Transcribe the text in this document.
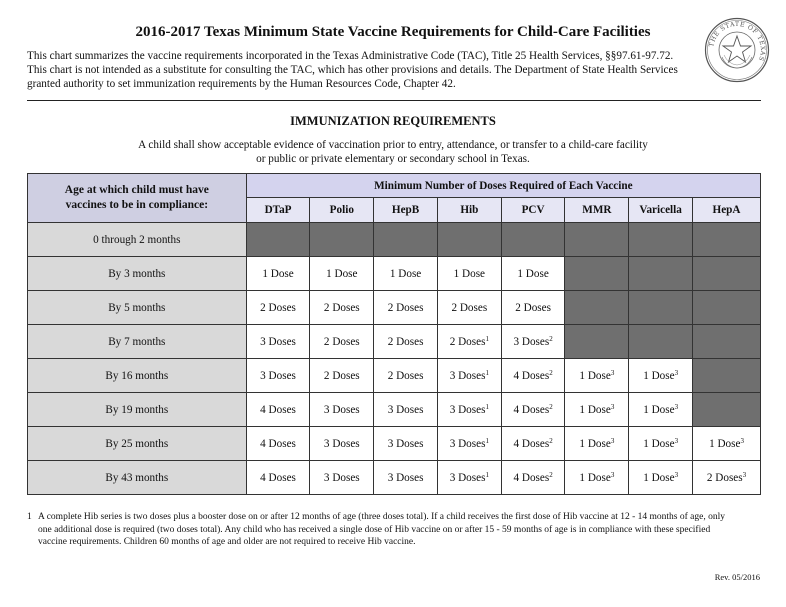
2016-2017 Texas Minimum State Vaccine Requirements for Child-Care Facilities
This chart summarizes the vaccine requirements incorporated in the Texas Administrative Code (TAC), Title 25 Health Services, §§97.61-97.72.
This chart is not intended as a substitute for consulting the TAC, which has other provisions and details. The Department of State Health Services
granted authority to set immunization requirements by the Human Resources Code, Chapter 42.
THE STATE OF TEXAS
IMMUNIZATION REQUIREMENTS
A child shall show acceptable evidence of vaccination prior to entry, attendance, or transfer to a child-care facility
or public or private elementary or secondary school in Texas.
Age at which child must have
vaccines to be in compliance:	Minimum Number of Doses Required of Each Vaccine							
	DTaP	Polio	HepB	Hib	PCV	MMR	Varicella	HepA
0 through 2 months								
By 3 months	1 Dose	1 Dose	1 Dose	1 Dose	1 Dose			
By 5 months	2 Doses	2 Doses	2 Doses	2 Doses	2 Doses			
By 7 months	3 Doses	2 Doses	2 Doses	2 Doses$^1$	3 Doses$^2$			
By 16 months	3 Doses	2 Doses	2 Doses	3 Doses$^1$	4 Doses$^2$	1 Dose$^3$	1 Dose$^3$	
By 19 months	4 Doses	3 Doses	3 Doses	3 Doses$^1$	4 Doses$^2$	1 Dose$^3$	1 Dose$^3$	
By 25 months	4 Doses	3 Doses	3 Doses	3 Doses$^1$	4 Doses$^2$	1 Dose$^3$	1 Dose$^3$	1 Dose$^3$
By 43 months	4 Doses	3 Doses	3 Doses	3 Doses$^1$	4 Doses$^2$	1 Dose$^3$	1 Dose$^3$	2 Doses$^3$
1 A complete Hib series is two doses plus a booster dose on or after 12 months of age (three doses total). If a child receives the first dose of Hib vaccine at 12 - 14 months of age, only
one additional dose is required (two doses total). Any child who has received a single dose of Hib vaccine on or after 15 - 59 months of age is in compliance with these specified
vaccine requirements. Children 60 months of age and older are not required to receive Hib vaccine.
Rev. 05/2016
